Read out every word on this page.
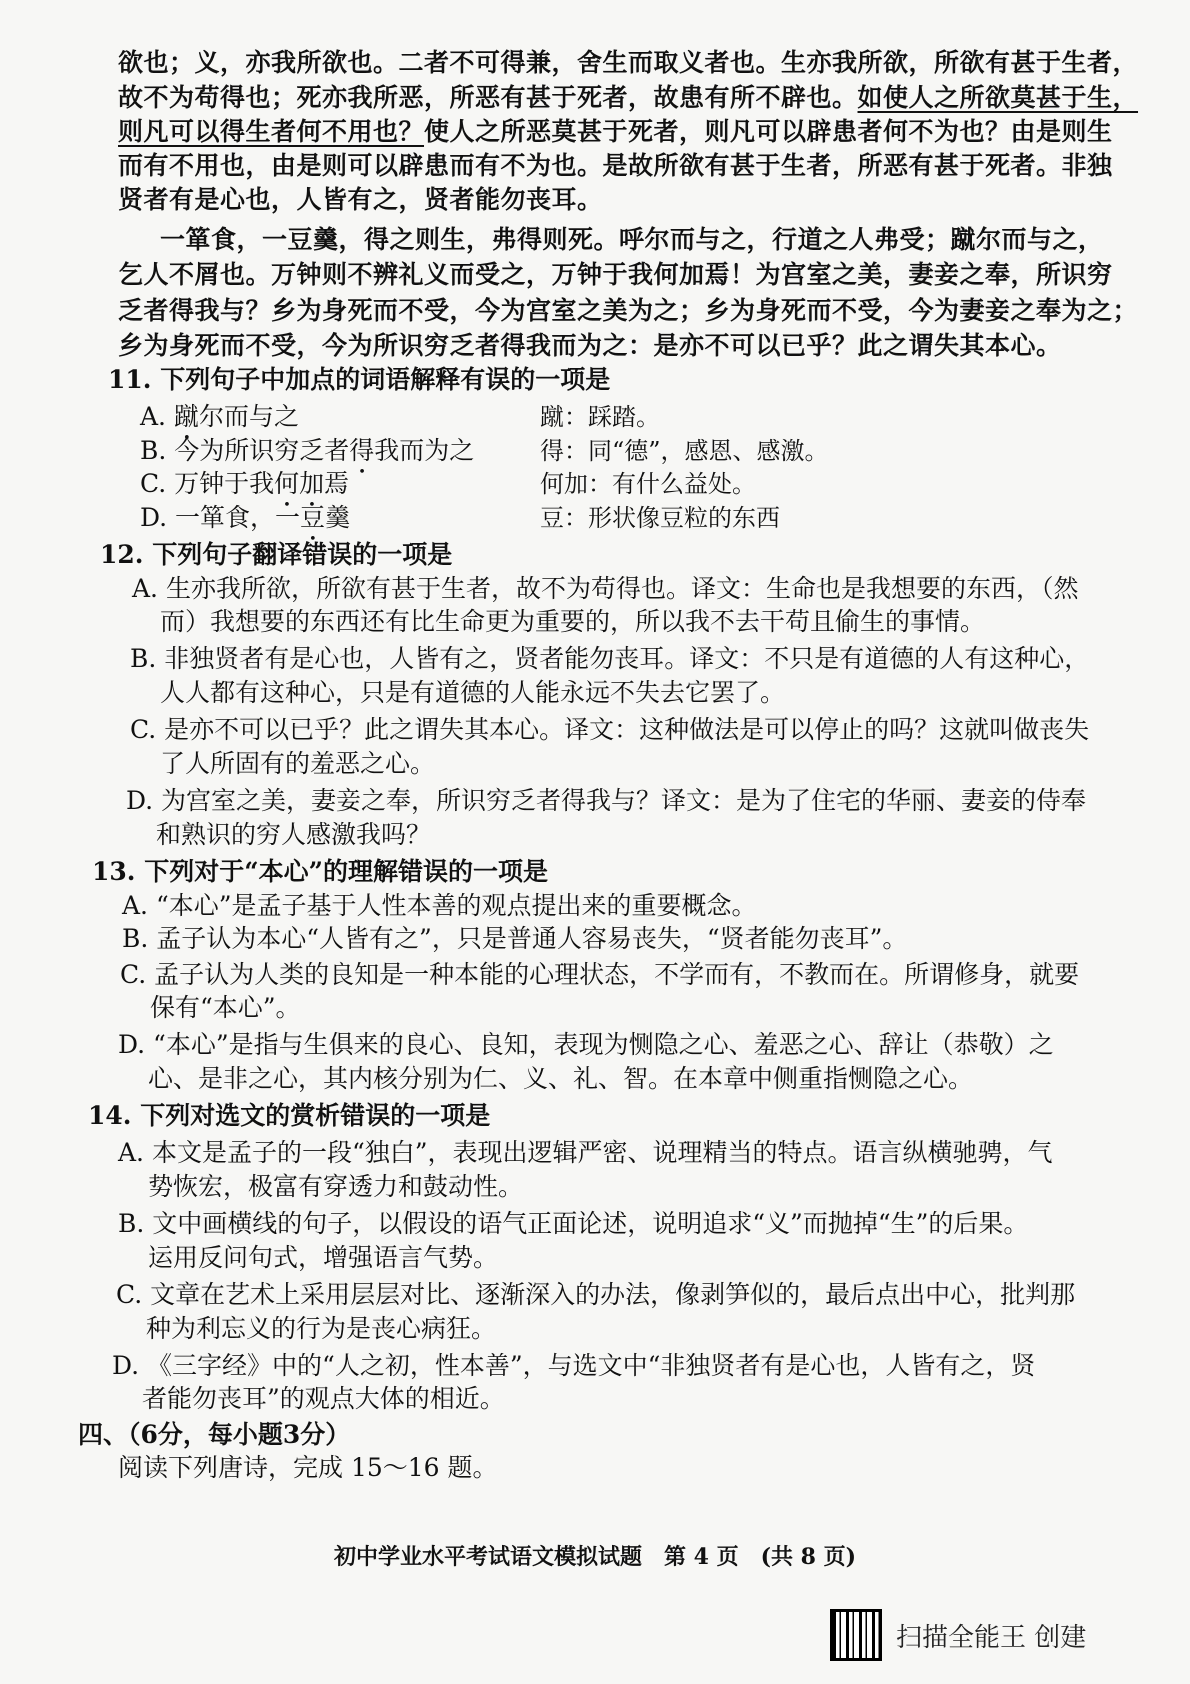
欲也；义，亦我所欲也。二者不可得兼，舍生而取义者也。生亦我所欲，所欲有甚于生者，
故不为苟得也；死亦我所恶，所恶有甚于死者，故患有所不辟也。如使人之所欲莫甚于生，
则凡可以得生者何不用也？使人之所恶莫甚于死者，则凡可以辟患者何不为也？由是则生
而有不用也，由是则可以辟患而有不为也。是故所欲有甚于生者，所恶有甚于死者。非独
贤者有是心也，人皆有之，贤者能勿丧耳。
一箪食，一豆羹，得之则生，弗得则死。呼尔而与之，行道之人弗受；蹴尔而与之，
乞人不屑也。万钟则不辨礼义而受之，万钟于我何加焉！为宫室之美，妻妾之奉，所识穷
乏者得我与？乡为身死而不受，今为宫室之美为之；乡为身死而不受，今为妻妾之奉为之；
乡为身死而不受，今为所识穷乏者得我而为之：是亦不可以已乎？此之谓失其本心。
11. 下列句子中加点的词语解释有误的一项是
A. 蹴尔而与之	蹴：踩踏。
B. 今为所识穷乏者得我而为之	得：同“德”，感恩、感激。
C. 万钟于我何加焉	何加：有什么益处。
D. 一箪食，一豆羹	豆：形状像豆粒的东西
12. 下列句子翻译错误的一项是
A. 生亦我所欲，所欲有甚于生者，故不为苟得也。译文：生命也是我想要的东西，（然
而）我想要的东西还有比生命更为重要的，所以我不去干苟且偷生的事情。
B. 非独贤者有是心也，人皆有之，贤者能勿丧耳。译文：不只是有道德的人有这种心，
人人都有这种心，只是有道德的人能永远不失去它罢了。
C. 是亦不可以已乎？此之谓失其本心。译文：这种做法是可以停止的吗？这就叫做丧失
了人所固有的羞恶之心。
D. 为宫室之美，妻妾之奉，所识穷乏者得我与？译文：是为了住宅的华丽、妻妾的侍奉
和熟识的穷人感激我吗？
13. 下列对于“本心”的理解错误的一项是
A. “本心”是孟子基于人性本善的观点提出来的重要概念。
B. 孟子认为本心“人皆有之”，只是普通人容易丧失，“贤者能勿丧耳”。
C. 孟子认为人类的良知是一种本能的心理状态，不学而有，不教而在。所谓修身，就要
保有“本心”。
D. “本心”是指与生俱来的良心、良知，表现为恻隐之心、羞恶之心、辞让（恭敬）之
心、是非之心，其内核分别为仁、义、礼、智。在本章中侧重指恻隐之心。
14. 下列对选文的赏析错误的一项是
A. 本文是孟子的一段“独白”，表现出逻辑严密、说理精当的特点。语言纵横驰骋，气
势恢宏，极富有穿透力和鼓动性。
B. 文中画横线的句子，以假设的语气正面论述，说明追求“义”而抛掉“生”的后果。
运用反问句式，增强语言气势。
C. 文章在艺术上采用层层对比、逐渐深入的办法，像剥笋似的，最后点出中心，批判那
种为利忘义的行为是丧心病狂。
D. 《三字经》中的“人之初，性本善”，与选文中“非独贤者有是心也，人皆有之，贤
者能勿丧耳”的观点大体的相近。
四、（6分，每小题3分）
阅读下列唐诗，完成 15～16 题。
初中学业水平考试语文模拟试题　第 4 页　(共 8 页)
扫描全能王 创建
